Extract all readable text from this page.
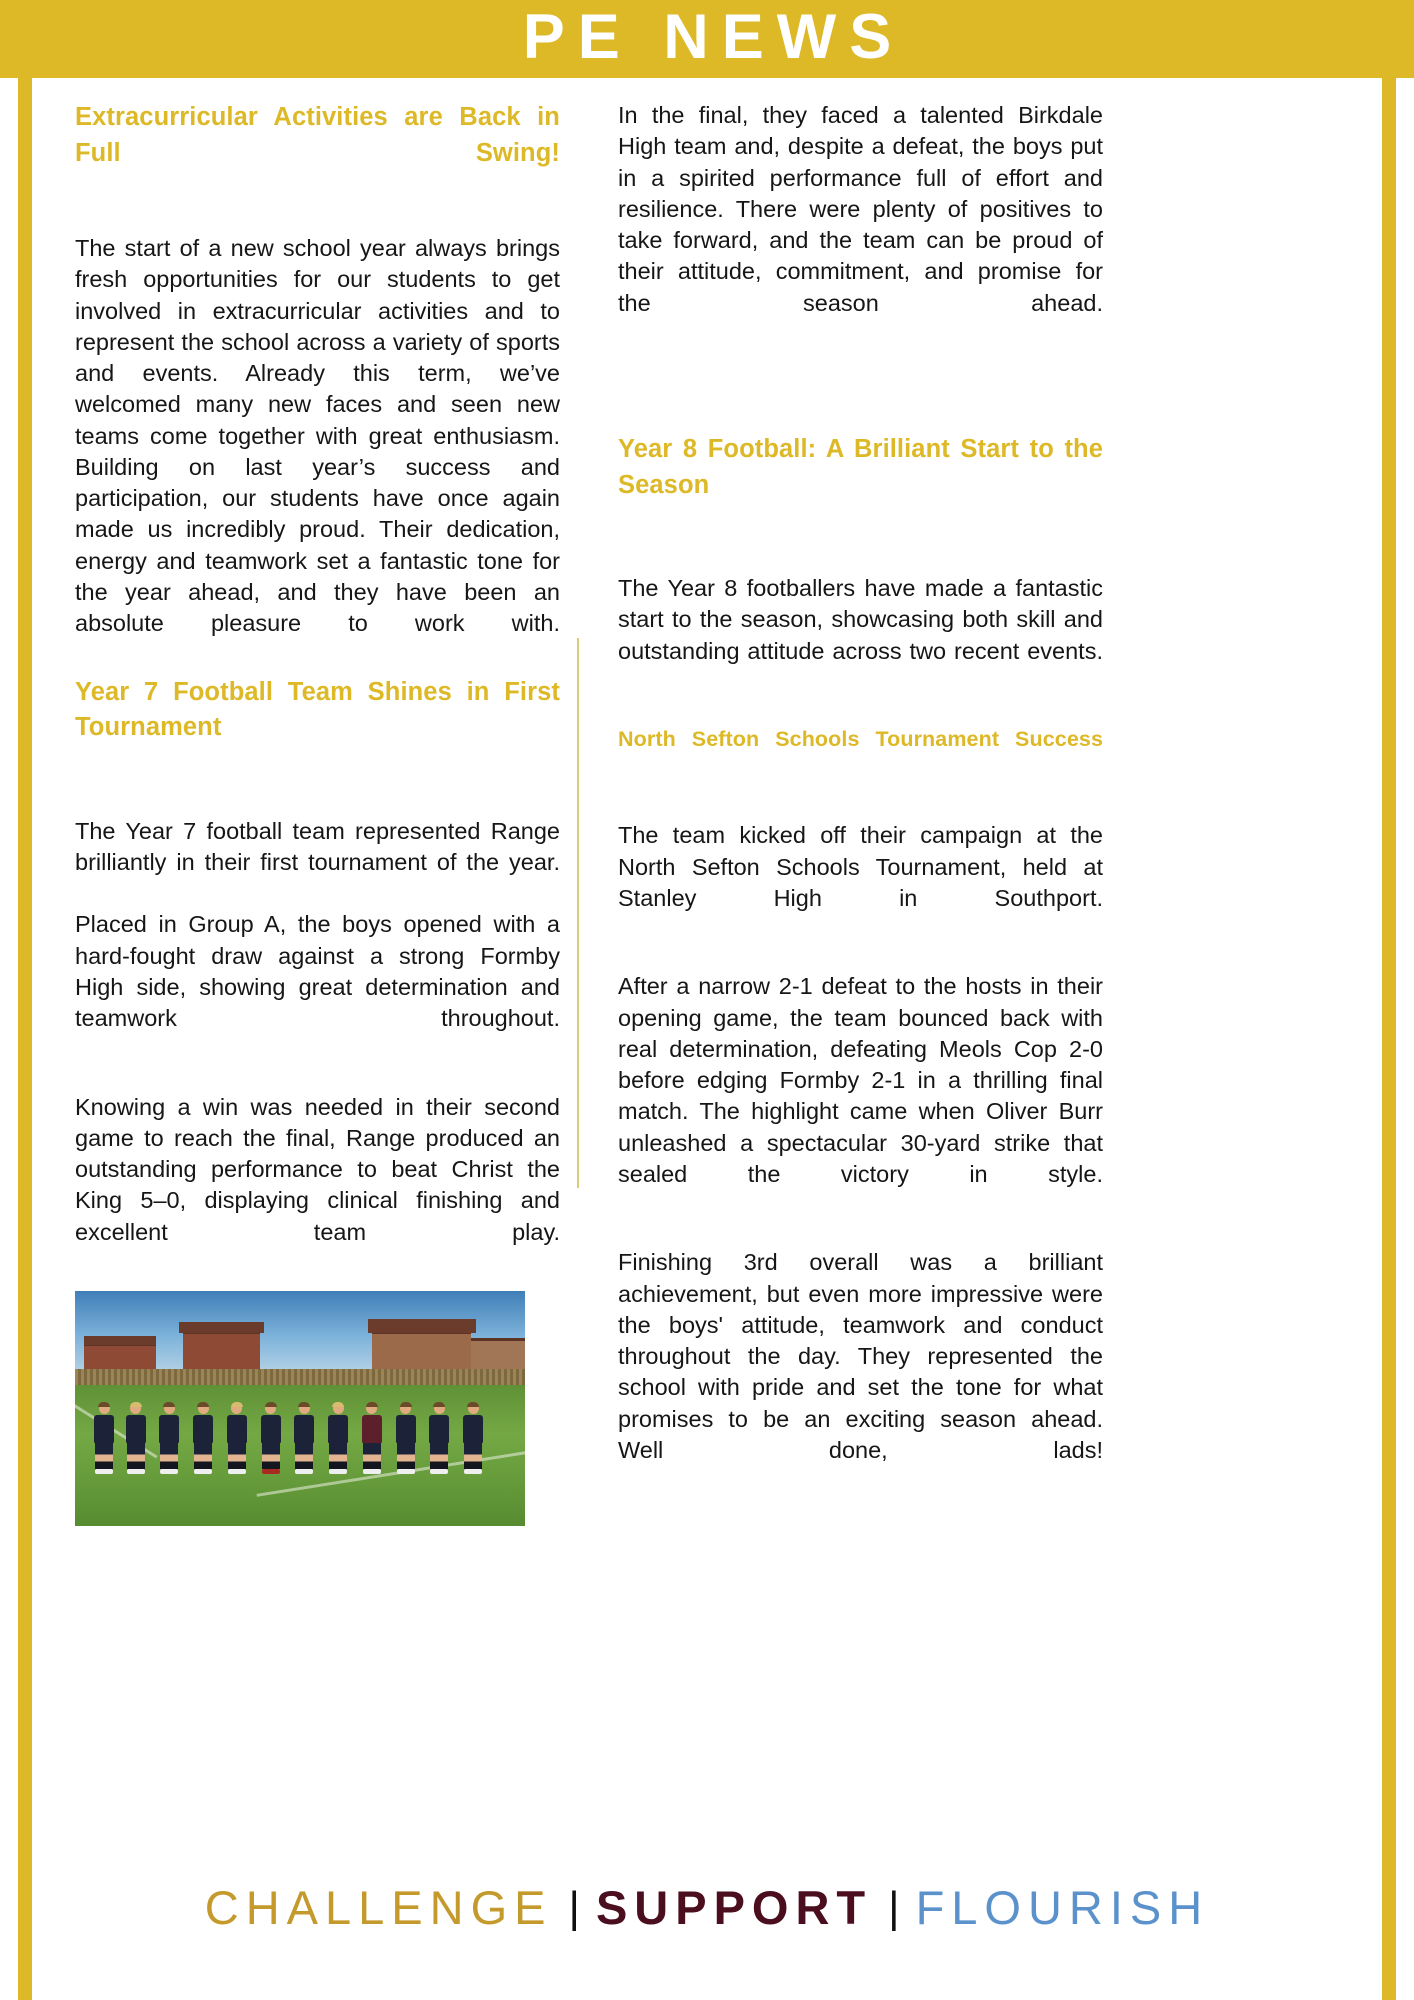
PE NEWS
Extracurricular Activities are Back in Full Swing!

The start of a new school year always brings fresh opportunities for our students to get involved in extracurricular activities and to represent the school across a variety of sports and events. Already this term, we’ve welcomed many new faces and seen new teams come together with great enthusiasm. Building on last year’s success and participation, our students have once again made us incredibly proud. Their dedication, energy and teamwork set a fantastic tone for the year ahead, and they have been an absolute pleasure to work with.

Year 7 Football Team Shines in First Tournament

The Year 7 football team represented Range brilliantly in their first tournament of the year.

Placed in Group A, the boys opened with a hard-fought draw against a strong Formby High side, showing great determination and teamwork throughout.

Knowing a win was needed in their second game to reach the final, Range produced an outstanding performance to beat Christ the King 5–0, displaying clinical finishing and excellent team play.

In the final, they faced a talented Birkdale High team and, despite a defeat, the boys put in a spirited performance full of effort and resilience. There were plenty of positives to take forward, and the team can be proud of their attitude, commitment, and promise for the season ahead.

Year 8 Football: A Brilliant Start to the Season

The Year 8 footballers have made a fantastic start to the season, showcasing both skill and outstanding attitude across two recent events.

North Sefton Schools Tournament Success

The team kicked off their campaign at the North Sefton Schools Tournament, held at Stanley High in Southport.

After a narrow 2-1 defeat to the hosts in their opening game, the team bounced back with real determination, defeating Meols Cop 2-0 before edging Formby 2-1 in a thrilling final match. The highlight came when Oliver Burr unleashed a spectacular 30-yard strike that sealed the victory in style.

Finishing 3rd overall was a brilliant achievement, but even more impressive were the boys' attitude, teamwork and conduct throughout the day. They represented the school with pride and set the tone for what promises to be an exciting season ahead. Well done, lads!

CHALLENGE | SUPPORT | FLOURISH
